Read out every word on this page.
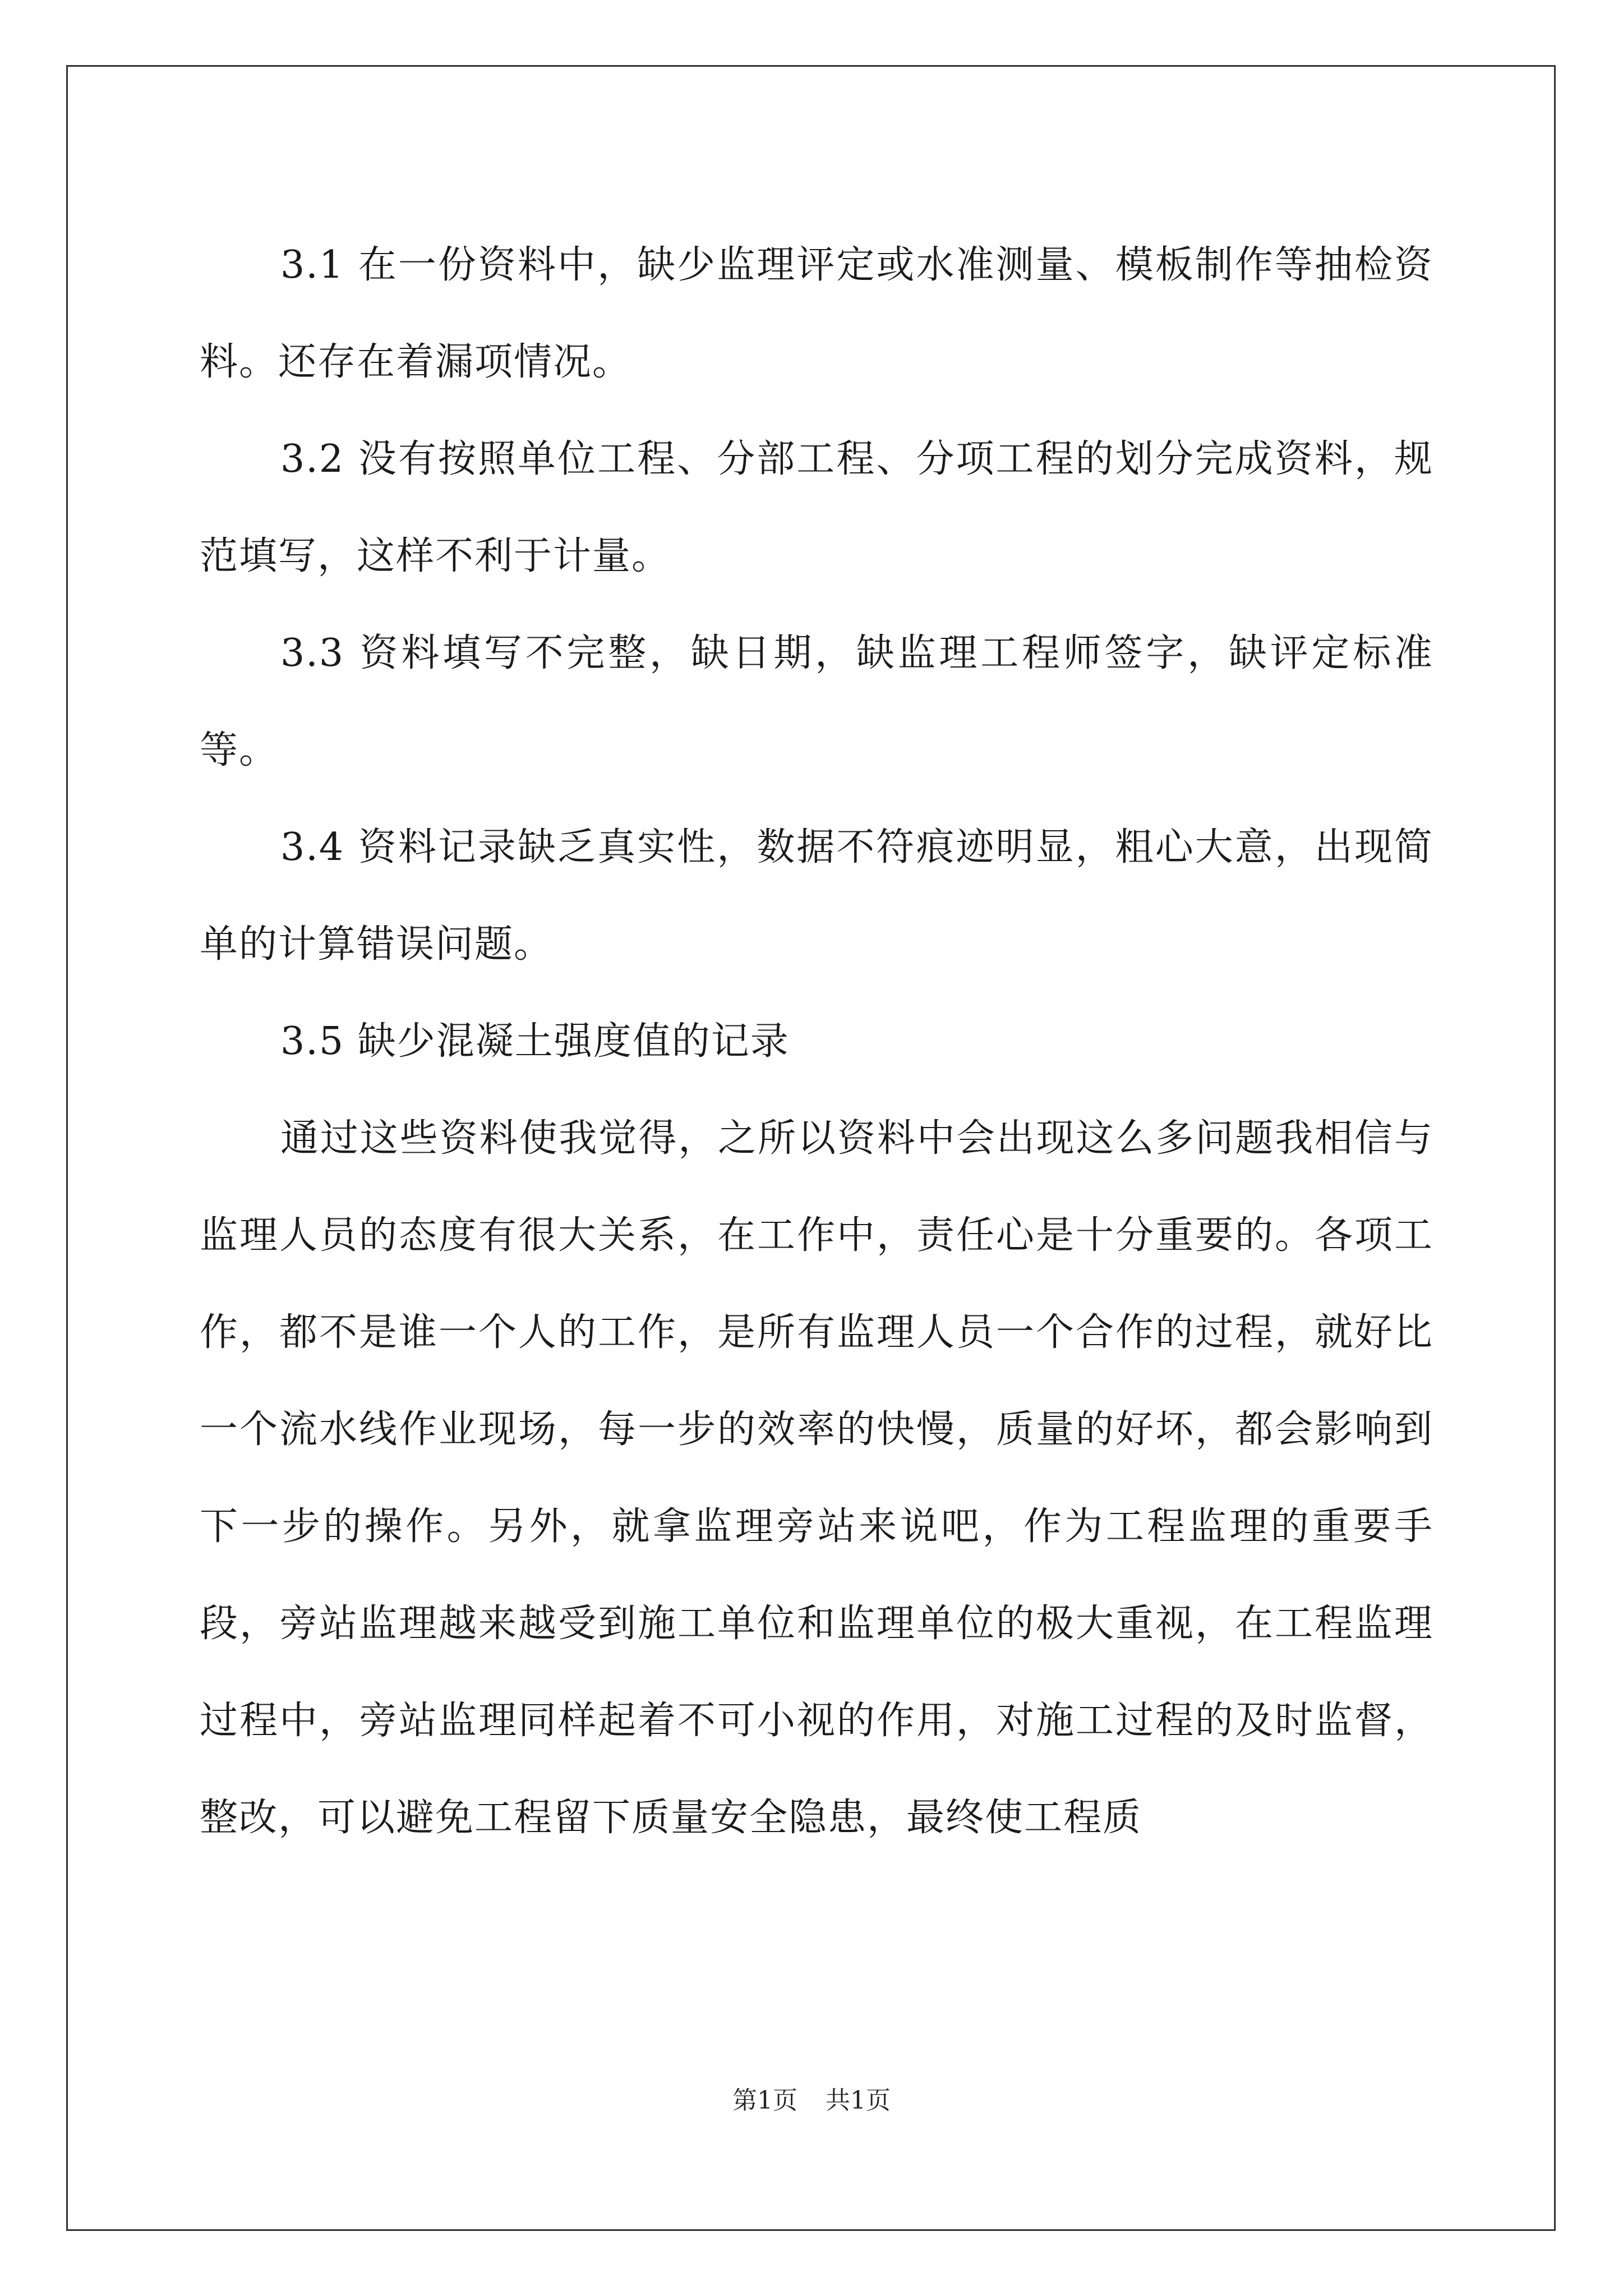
3.1 在一份资料中，缺少监理评定或水准测量、模板制作等抽检资料。还存在着漏项情况。

3.2 没有按照单位工程、分部工程、分项工程的划分完成资料，规范填写，这样不利于计量。

3.3 资料填写不完整，缺日期，缺监理工程师签字，缺评定标准等。

3.4 资料记录缺乏真实性，数据不符痕迹明显，粗心大意，出现简单的计算错误问题。

3.5 缺少混凝土强度值的记录

通过这些资料使我觉得，之所以资料中会出现这么多问题我相信与监理人员的态度有很大关系，在工作中，责任心是十分重要的。各项工作，都不是谁一个人的工作，是所有监理人员一个合作的过程，就好比一个流水线作业现场，每一步的效率的快慢，质量的好坏，都会影响到下一步的操作。另外，就拿监理旁站来说吧，作为工程监理的重要手段，旁站监理越来越受到施工单位和监理单位的极大重视，在工程监理过程中，旁站监理同样起着不可小视的作用，对施工过程的及时监督，整改，可以避免工程留下质量安全隐患，最终使工程质

第1页 共1页
